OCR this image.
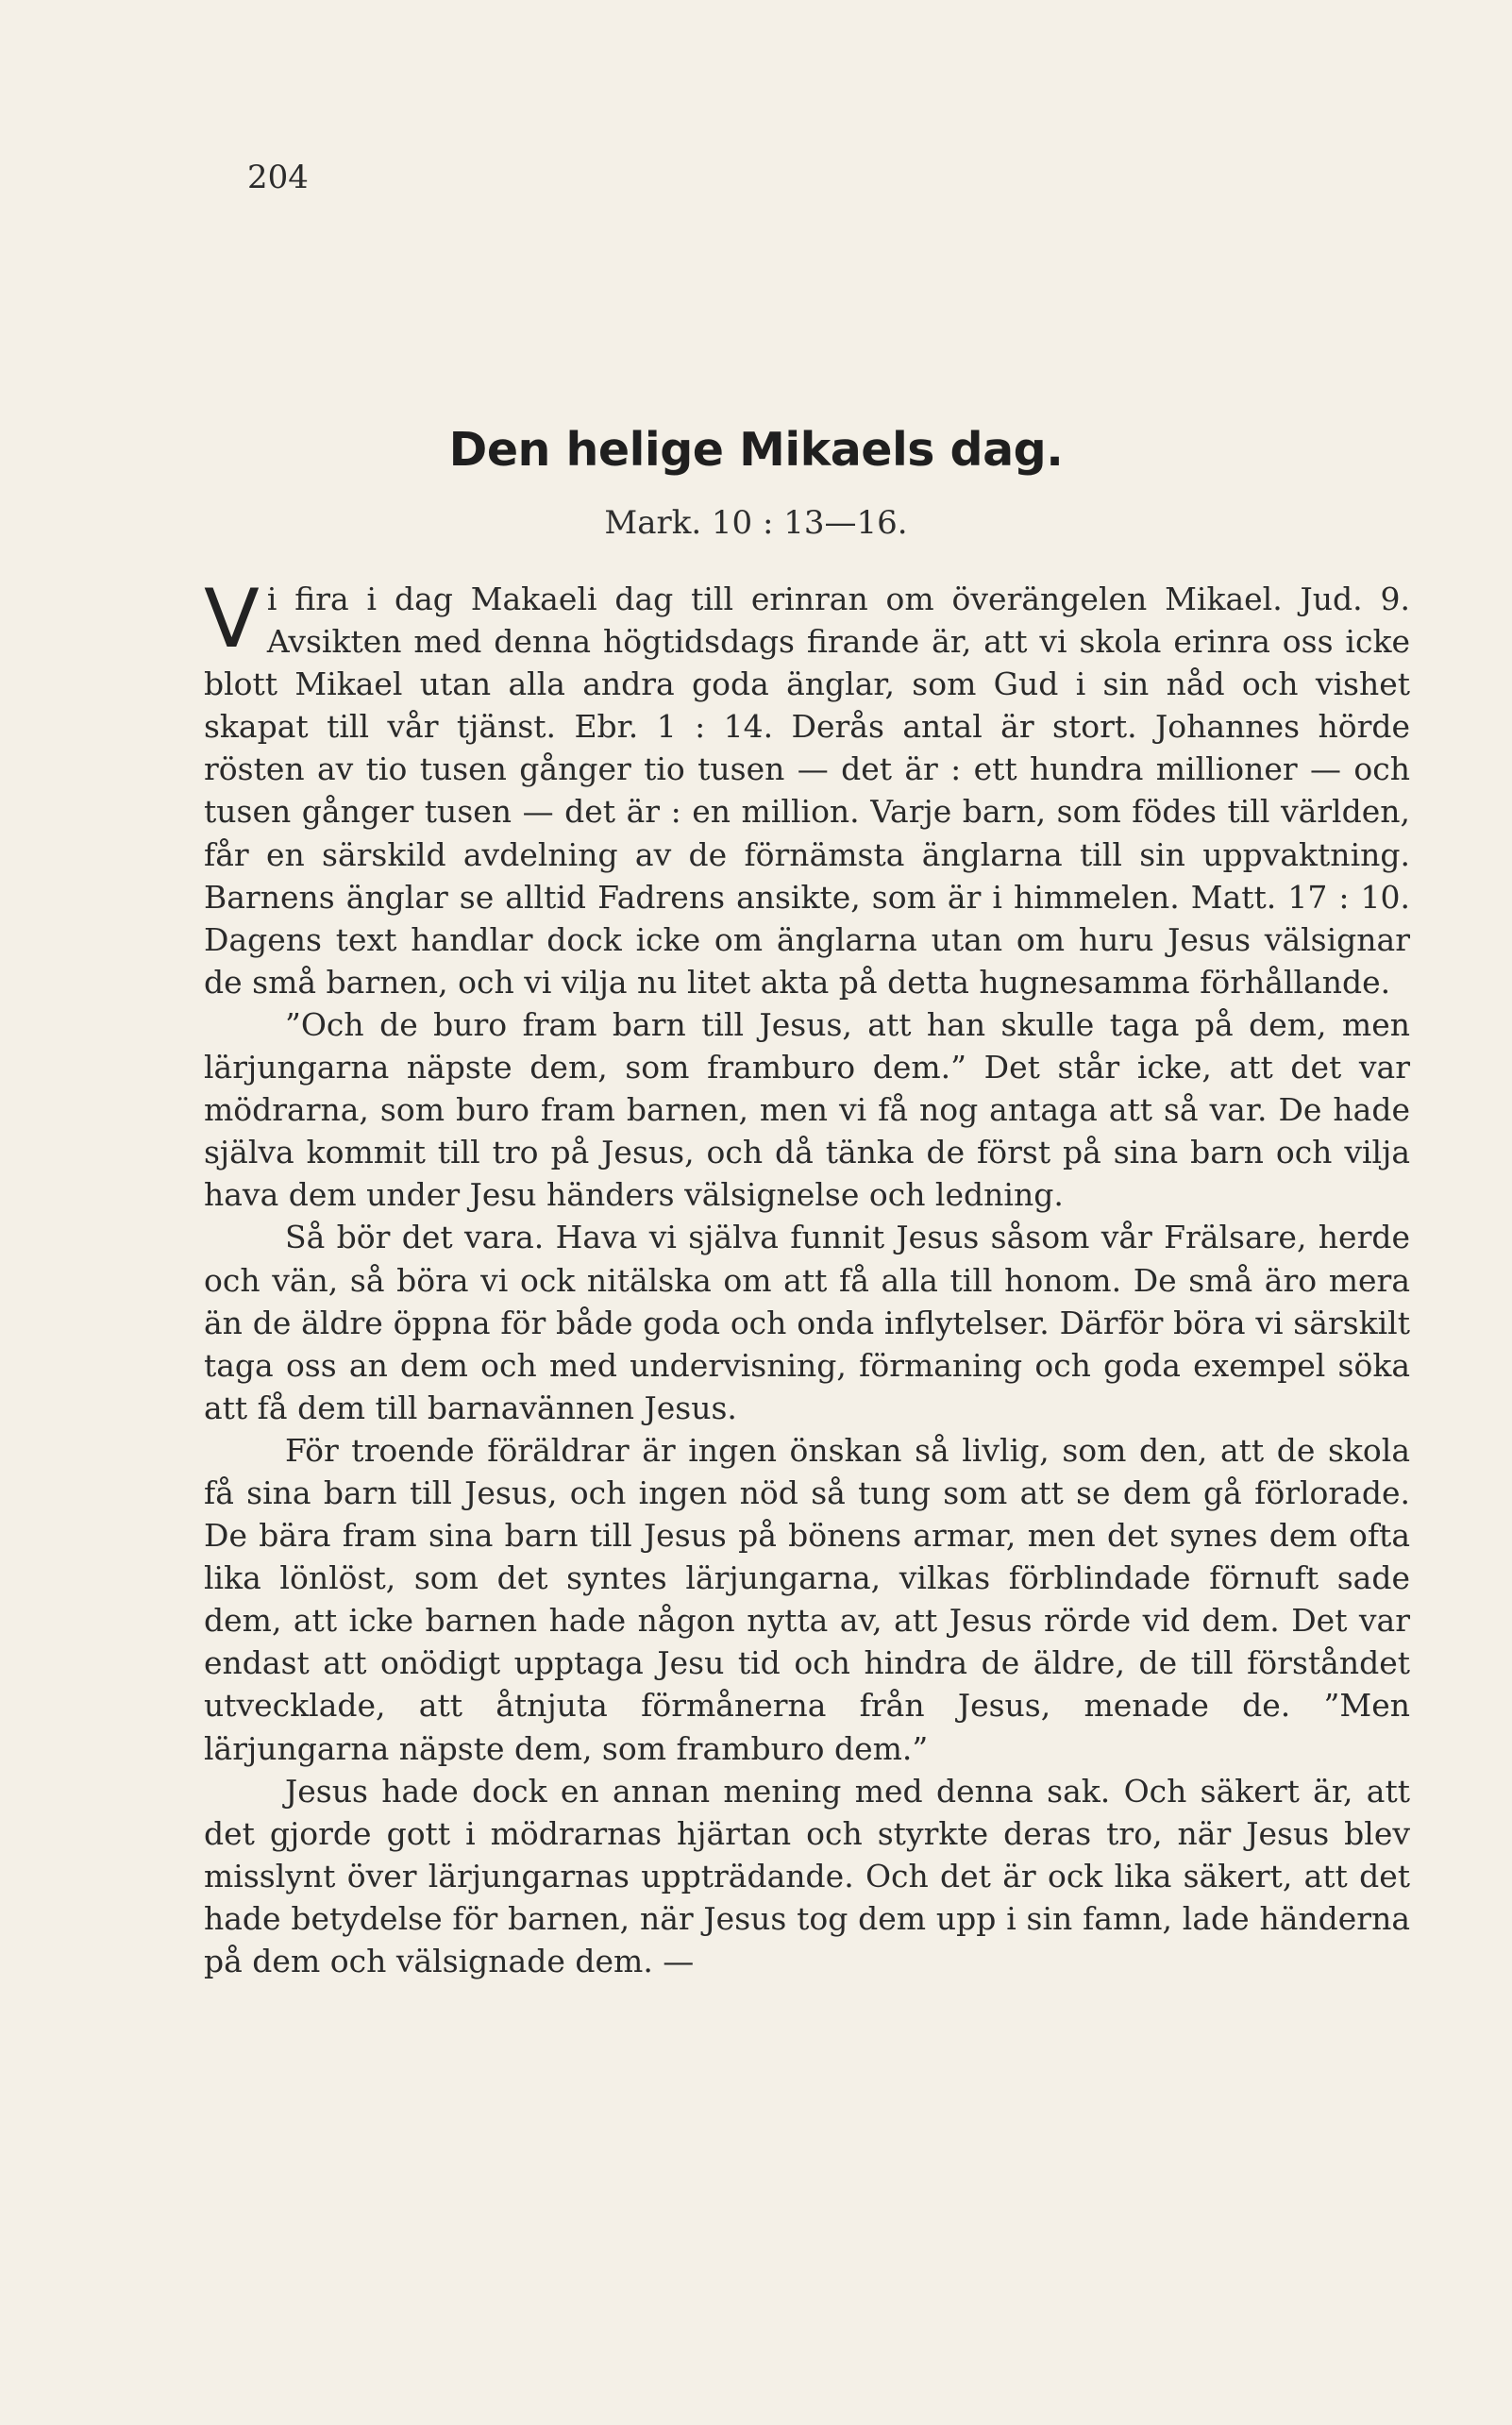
204
Den helige Mikaels dag.
Mark. 10 : 13—16.

Vi fira i dag Makaeli dag till erinran om överängelen Mikael. Jud. 9. Avsikten med denna högtidsdags firande är, att vi skola erinra oss icke blott Mikael utan alla andra goda änglar, som Gud i sin nåd och vishet skapat till vår tjänst. Ebr. 1 : 14. Derås antal är stort. Johannes hörde rösten av tio tusen gånger tio tusen — det är : ett hundra millioner — och tusen gånger tusen — det är : en million. Varje barn, som födes till världen, får en särskild avdelning av de förnämsta änglarna till sin uppvaktning. Barnens änglar se alltid Fadrens ansikte, som är i himmelen. Matt. 17 : 10. Dagens text handlar dock icke om änglarna utan om huru Jesus välsignar de små barnen, och vi vilja nu litet akta på detta hugnesamma förhållande.

”Och de buro fram barn till Jesus, att han skulle taga på dem, men lärjungarna näpste dem, som framburo dem.” Det står icke, att det var mödrarna, som buro fram barnen, men vi få nog antaga att så var. De hade själva kommit till tro på Jesus, och då tänka de först på sina barn och vilja hava dem under Jesu händers välsignelse och ledning.

Så bör det vara. Hava vi själva funnit Jesus såsom vår Frälsare, herde och vän, så böra vi ock nitälska om att få alla till honom. De små äro mera än de äldre öppna för både goda och onda inflytelser. Därför böra vi särskilt taga oss an dem och med undervisning, förmaning och goda exempel söka att få dem till barnavännen Jesus.

För troende föräldrar är ingen önskan så livlig, som den, att de skola få sina barn till Jesus, och ingen nöd så tung som att se dem gå förlorade. De bära fram sina barn till Jesus på bönens armar, men det synes dem ofta lika lönlöst, som det syntes lärjungarna, vilkas förblindade förnuft sade dem, att icke barnen hade någon nytta av, att Jesus rörde vid dem. Det var endast att onödigt upptaga Jesu tid och hindra de äldre, de till förståndet utvecklade, att åtnjuta förmånerna från Jesus, menade de. ”Men lärjungarna näpste dem, som framburo dem.”

Jesus hade dock en annan mening med denna sak. Och säkert är, att det gjorde gott i mödrarnas hjärtan och styrkte deras tro, när Jesus blev misslynt över lärjungarnas uppträdande. Och det är ock lika säkert, att det hade betydelse för barnen, när Jesus tog dem upp i sin famn, lade händerna på dem och välsignade dem. —
